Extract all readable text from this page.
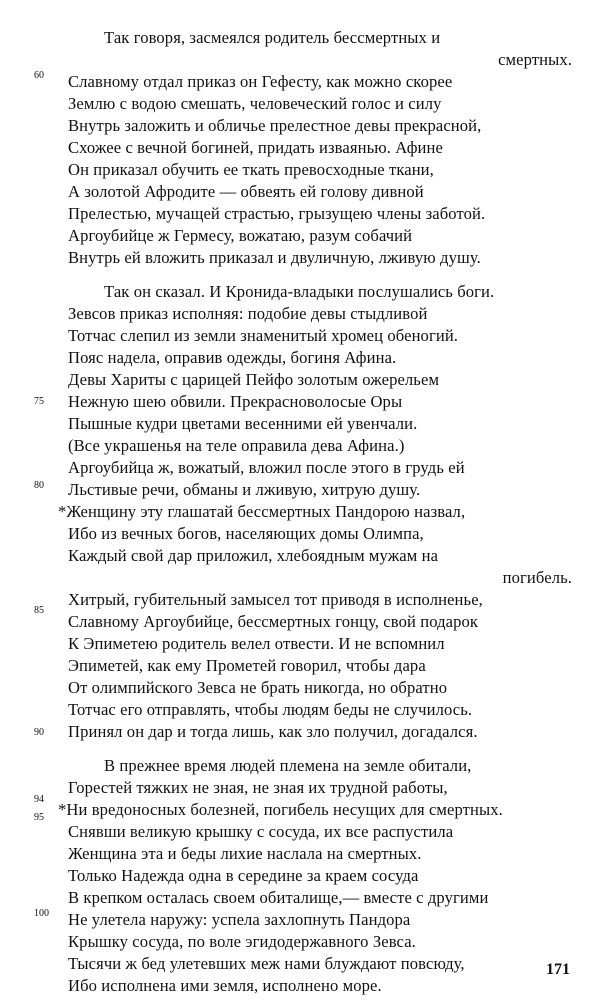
Так говоря, засмеялся родитель бессмертных и
смертных.
Славному отдал приказ он Гефесту, как можно скорее
Землю с водою смешать, человеческий голос и силу
Внутрь заложить и обличье прелестное девы прекрасной,
Схожее с вечной богиней, придать изваянью. Афине
Он приказал обучить ее ткать превосходные ткани,
А золотой Афродите — обвеять ей голову дивной
Прелестью, мучащей страстью, грызущею члены заботой.
Аргоубийце ж Гермесу, вожатаю, разум собачий
Внутрь ей вложить приказал и двуличную, лживую душу.
Так он сказал. И Кронида-владыки послушались боги.
Зевсов приказ исполняя: подобие девы стыдливой
Тотчас слепил из земли знаменитый хромец обеногий.
Пояс надела, оправив одежды, богиня Афина.
Девы Хариты с царицей Пейфо золотым ожерельем
Нежную шею обвили. Прекрасноволосые Оры
Пышные кудри цветами весенними ей увенчали.
(Все украшенья на теле оправила дева Афина.)
Аргоубийца ж, вожатый, вложил после этого в грудь ей
Льстивые речи, обманы и лживую, хитрую душу.
*Женщину эту глашатай бессмертных Пандорою назвал,
Ибо из вечных богов, населяющих домы Олимпа,
Каждый свой дар приложил, хлебоядным мужам на
погибель.
Хитрый, губительный замысел тот приводя в исполненье,
Славному Аргоубийце, бессмертных гонцу, свой подарок
К Эпиметею родитель велел отвести. И не вспомнил
Эпиметей, как ему Прометей говорил, чтобы дара
От олимпийского Зевса не брать никогда, но обратно
Тотчас его отправлять, чтобы людям беды не случилось.
Принял он дар и тогда лишь, как зло получил, догадался.
В прежнее время людей племена на земле обитали,
Горестей тяжких не зная, не зная их трудной работы,
*Ни вредоносных болезней, погибель несущих для смертных.
Снявши великую крышку с сосуда, их все распустила
Женщина эта и беды лихие наслала на смертных.
Только Надежда одна в середине за краем сосуда
В крепком осталась своем обиталище,— вместе с другими
Не улетела наружу: успела захлопнуть Пандора
Крышку сосуда, по воле эгидодержавного Зевса.
Тысячи ж бед улетевших меж нами блуждают повсюду,
Ибо исполнена ими земля, исполнено море.
60
75
80
85
90
94
95
100
171
